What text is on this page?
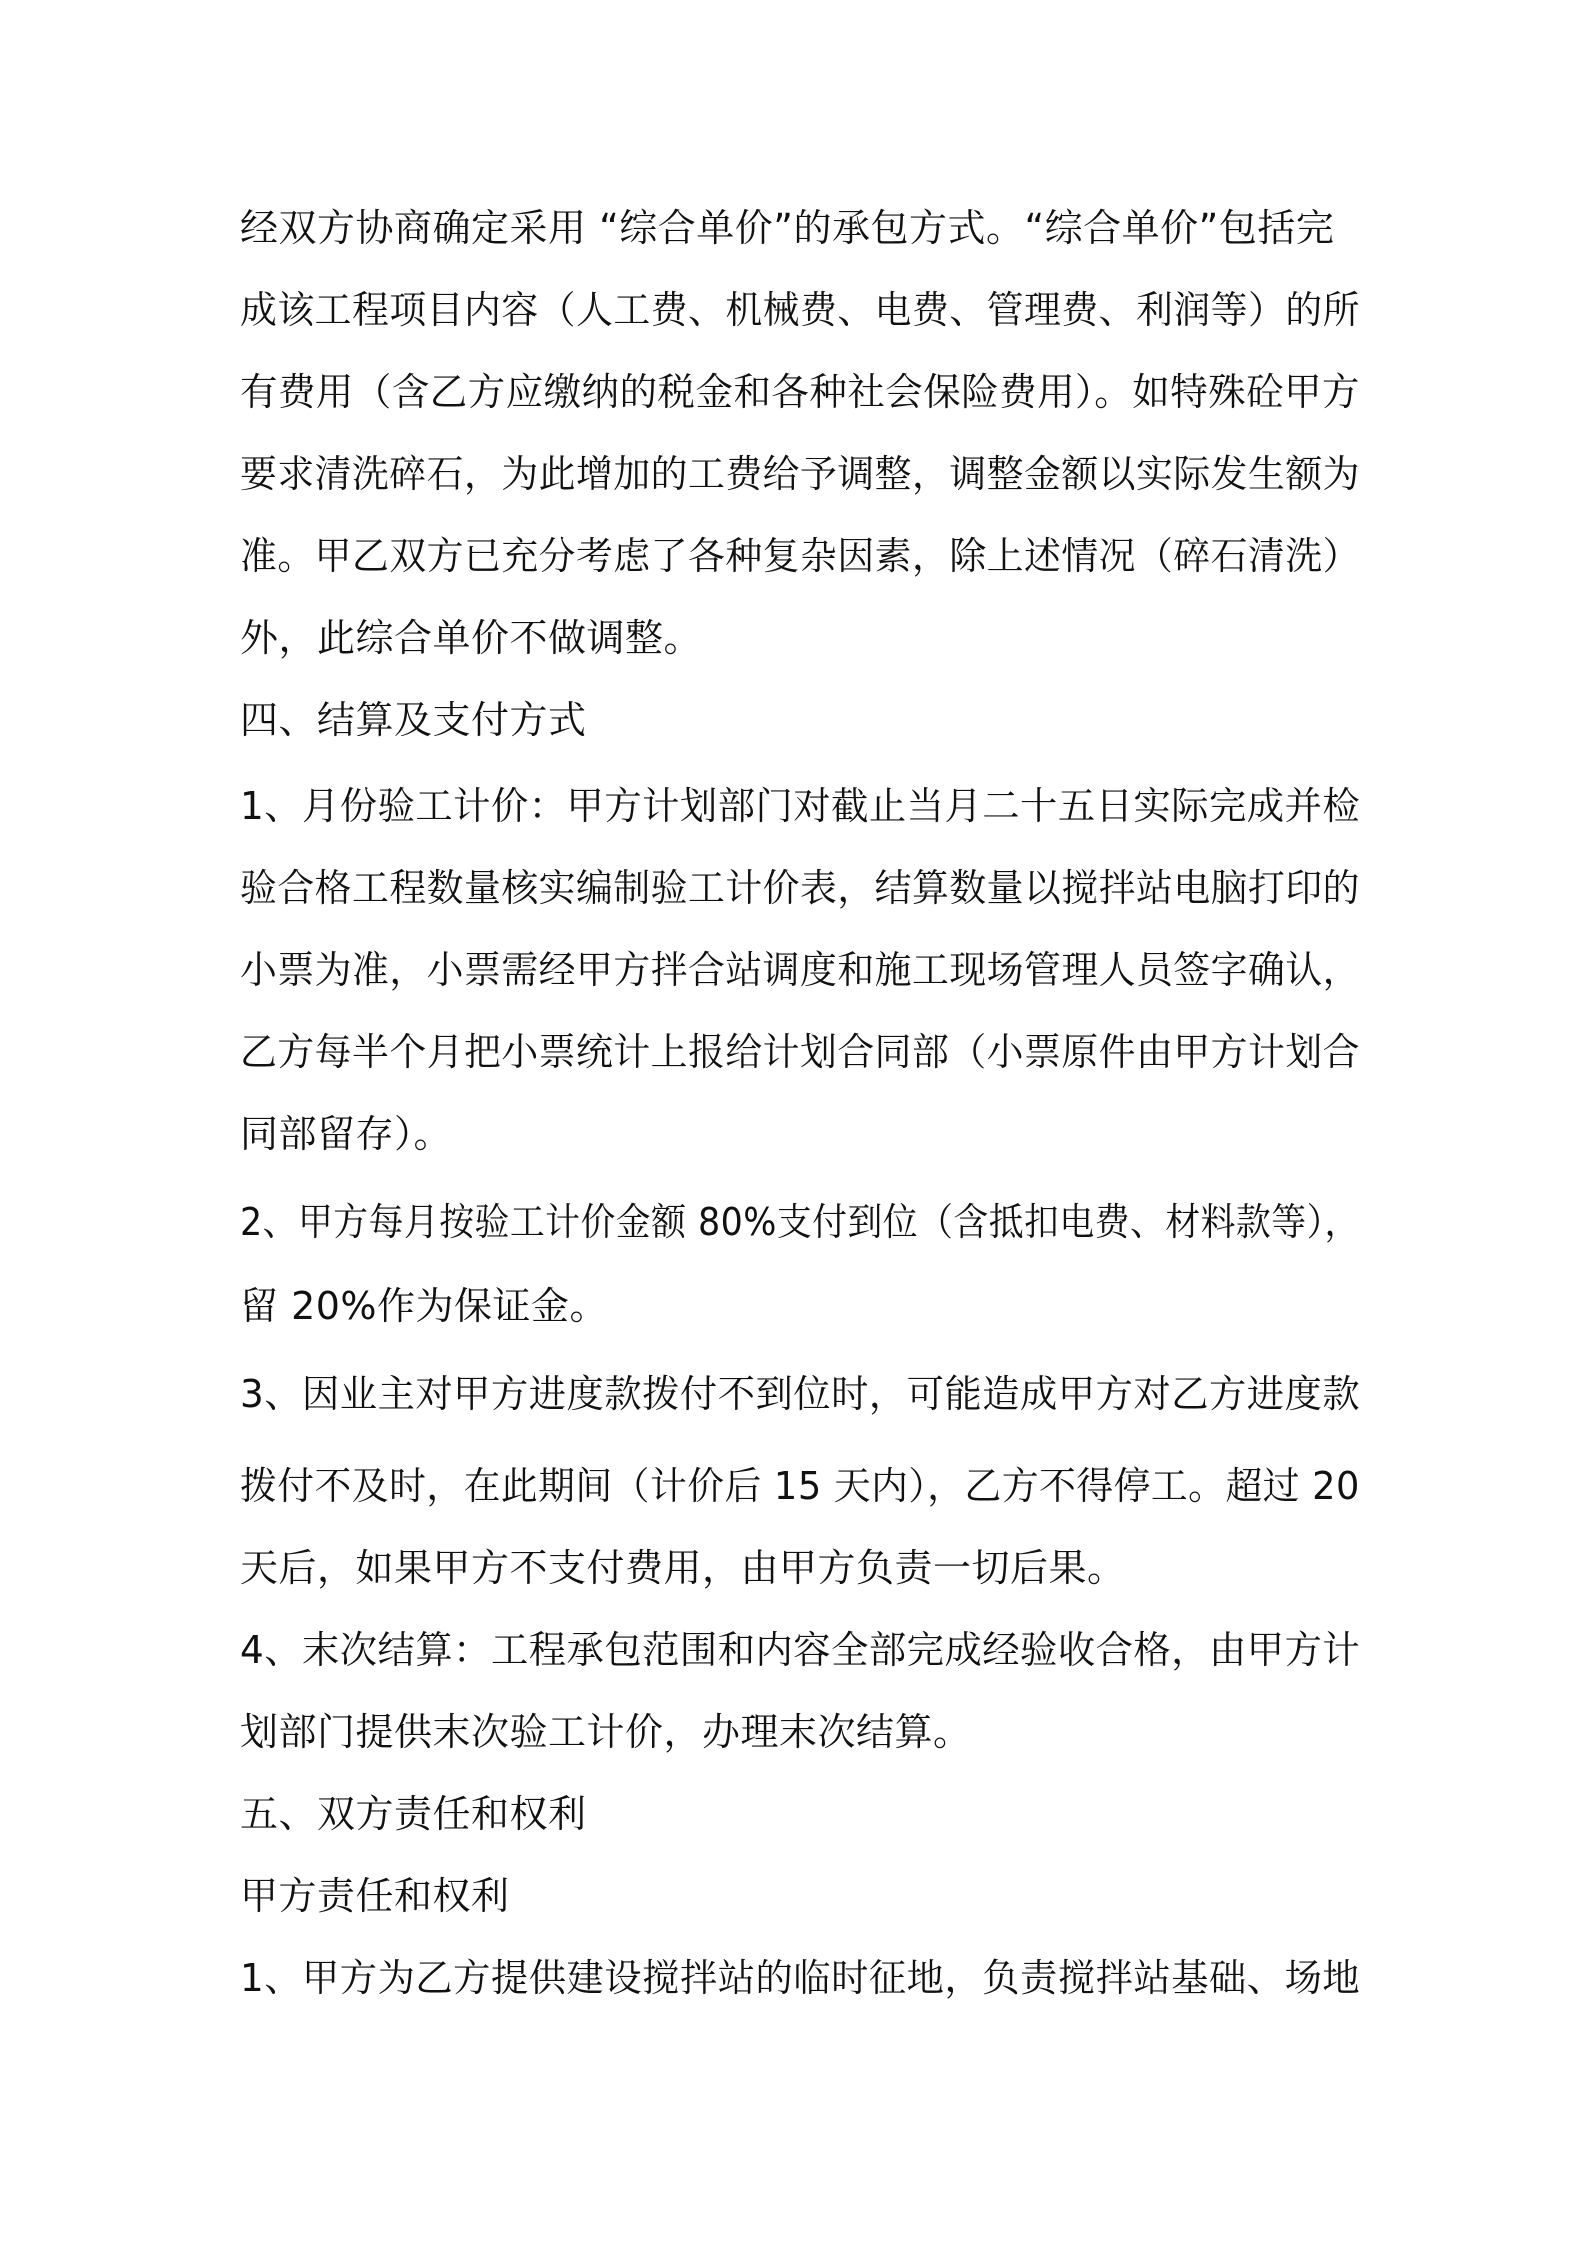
经双方协商确定采用 “综合单价”的承包方式。“综合单价”包括完
成该工程项目内容（人工费、机械费、电费、管理费、利润等）的所
有费用（含乙方应缴纳的税金和各种社会保险费用）。如特殊砼甲方
要求清洗碎石，为此增加的工费给予调整，调整金额以实际发生额为
准。甲乙双方已充分考虑了各种复杂因素，除上述情况（碎石清洗）
外，此综合单价不做调整。
四、结算及支付方式
1、月份验工计价：甲方计划部门对截止当月二十五日实际完成并检
验合格工程数量核实编制验工计价表，结算数量以搅拌站电脑打印的
小票为准，小票需经甲方拌合站调度和施工现场管理人员签字确认，
乙方每半个月把小票统计上报给计划合同部（小票原件由甲方计划合
同部留存）。
2、甲方每月按验工计价金额 80%支付到位（含抵扣电费、材料款等），
留 20%作为保证金。
3、因业主对甲方进度款拨付不到位时，可能造成甲方对乙方进度款
拨付不及时，在此期间（计价后 15 天内），乙方不得停工。超过 20
天后，如果甲方不支付费用，由甲方负责一切后果。
4、末次结算：工程承包范围和内容全部完成经验收合格，由甲方计
划部门提供末次验工计价，办理末次结算。
五、双方责任和权利
甲方责任和权利
1、甲方为乙方提供建设搅拌站的临时征地，负责搅拌站基础、场地
